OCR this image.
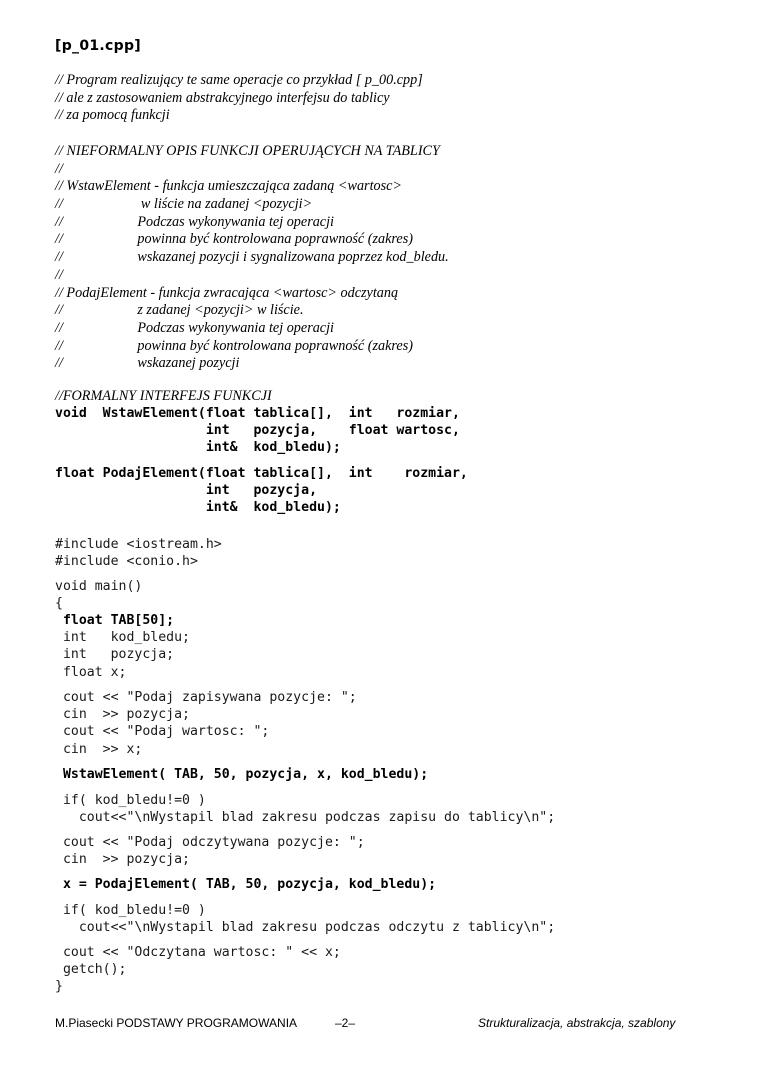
[p_01.cpp]
// Program realizujący te same operacje co przykład [ p_00.cpp]
// ale z zastosowaniem abstrakcyjnego interfejsu do tablicy
// za pomocą funkcji
// NIEFORMALNY OPIS FUNKCJI OPERUJĄCYCH NA TABLICY
//
// WstawElement - funkcja umieszczająca zadaną <wartosc>
//                      w liście na zadanej <pozycji>
//                     Podczas wykonywania tej operacji
//                     powinna być kontrolowana poprawność (zakres)
//                     wskazanej pozycji i sygnalizowana poprzez kod_bledu.
//
// PodajElement - funkcja zwracająca <wartosc> odczytaną
//                     z zadanej <pozycji> w liście.
//                     Podczas wykonywania tej operacji
//                     powinna być kontrolowana poprawność (zakres)
//                     wskazanej pozycji
//FORMALNY INTERFEJS FUNKCJI
void  WstawElement(float tablica[],  int   rozmiar,
int   pozycja,    float wartosc,
int&  kod_bledu);
float PodajElement(float tablica[],  int    rozmiar,
int   pozycja,
int&  kod_bledu);
#include <iostream.h>
#include <conio.h>
void main()
{
float TAB[50];
int   kod_bledu;
int   pozycja;
float x;
cout << "Podaj zapisywana pozycje: ";
cin  >> pozycja;
cout << "Podaj wartosc: ";
cin  >> x;
WstawElement( TAB, 50, pozycja, x, kod_bledu);
if( kod_bledu!=0 )
cout<<"\nWystapil blad zakresu podczas zapisu do tablicy\n";
cout << "Podaj odczytywana pozycje: ";
cin  >> pozycja;
x = PodajElement( TAB, 50, pozycja, kod_bledu);
if( kod_bledu!=0 )
cout<<"\nWystapil blad zakresu podczas odczytu z tablicy\n";
cout << "Odczytana wartosc: " << x;
getch();
}
M.Piasecki PODSTAWY PROGRAMOWANIA	–2–	Strukturalizacja, abstrakcja, szablony
